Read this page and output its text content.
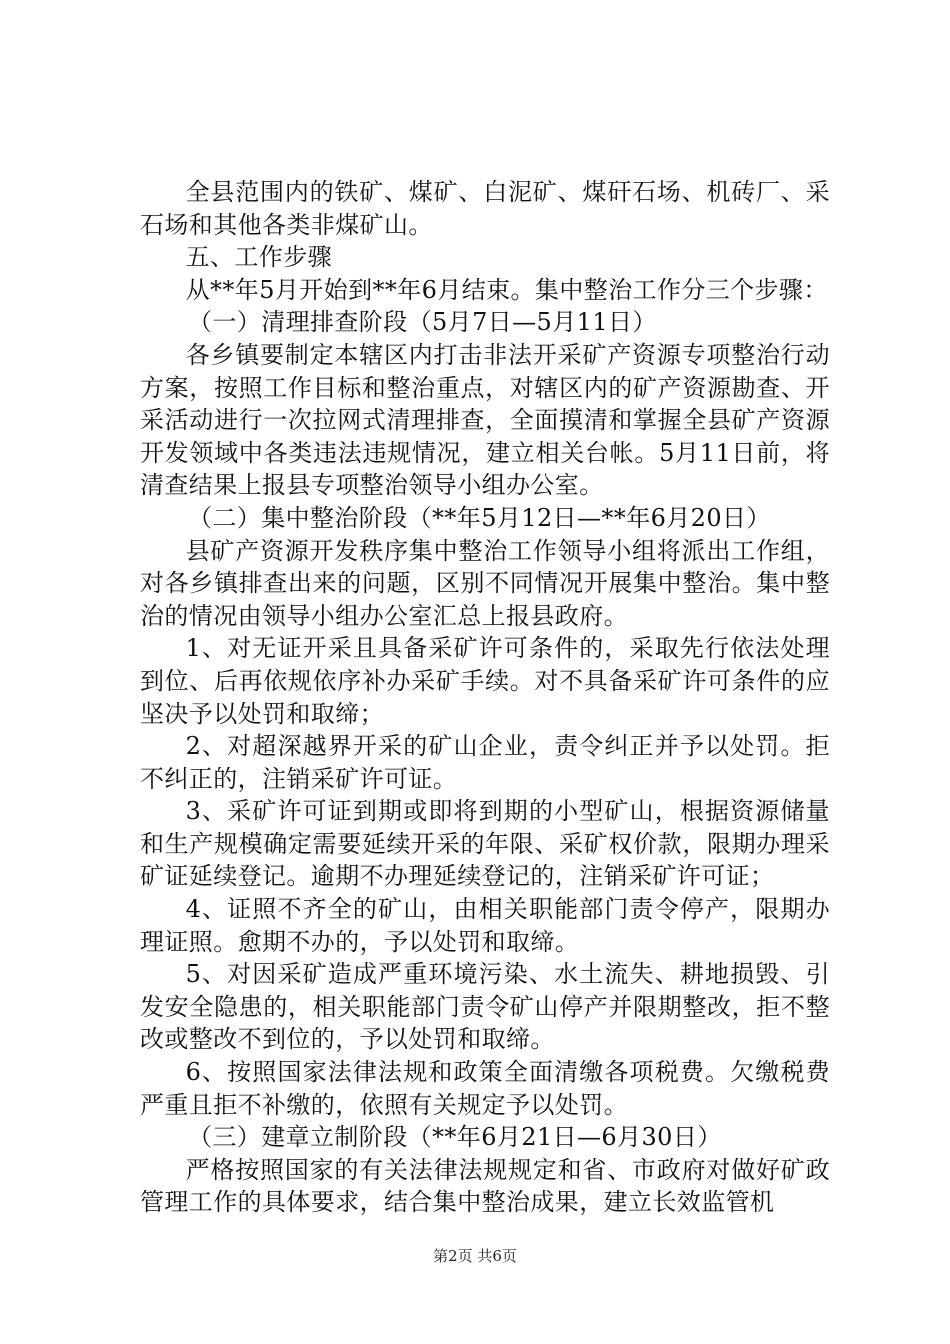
全县范围内的铁矿、煤矿、白泥矿、煤矸石场、机砖厂、采石场和其他各类非煤矿山。

五、工作步骤

从**年5月开始到**年6月结束。集中整治工作分三个步骤：

（一）清理排查阶段（5月7日—5月11日）

各乡镇要制定本辖区内打击非法开采矿产资源专项整治行动方案，按照工作目标和整治重点，对辖区内的矿产资源勘查、开采活动进行一次拉网式清理排查，全面摸清和掌握全县矿产资源开发领域中各类违法违规情况，建立相关台帐。5月11日前，将清查结果上报县专项整治领导小组办公室。

（二）集中整治阶段（**年5月12日—**年6月20日）

县矿产资源开发秩序集中整治工作领导小组将派出工作组，对各乡镇排查出来的问题，区别不同情况开展集中整治。集中整治的情况由领导小组办公室汇总上报县政府。

1、对无证开采且具备采矿许可条件的，采取先行依法处理到位、后再依规依序补办采矿手续。对不具备采矿许可条件的应坚决予以处罚和取缔；

2、对超深越界开采的矿山企业，责令纠正并予以处罚。拒不纠正的，注销采矿许可证。

3、采矿许可证到期或即将到期的小型矿山，根据资源储量和生产规模确定需要延续开采的年限、采矿权价款，限期办理采矿证延续登记。逾期不办理延续登记的，注销采矿许可证；

4、证照不齐全的矿山，由相关职能部门责令停产，限期办理证照。愈期不办的，予以处罚和取缔。

5、对因采矿造成严重环境污染、水土流失、耕地损毁、引发安全隐患的，相关职能部门责令矿山停产并限期整改，拒不整改或整改不到位的，予以处罚和取缔。

6、按照国家法律法规和政策全面清缴各项税费。欠缴税费严重且拒不补缴的，依照有关规定予以处罚。

（三）建章立制阶段（**年6月21日—6月30日）

严格按照国家的有关法律法规规定和省、市政府对做好矿政管理工作的具体要求，结合集中整治成果，建立长效监管机

第2页 共6页
